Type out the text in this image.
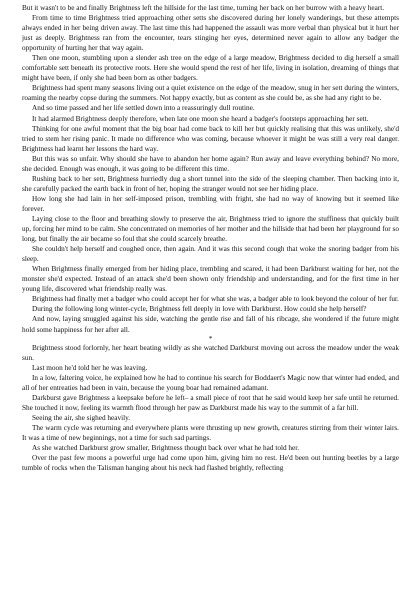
But it wasn't to be and finally Brightness left the hillside for the last time, turning her back on her burrow with a heavy heart.

From time to time Brightness tried approaching other setts she discovered during her lonely wanderings, but these attempts always ended in her being driven away. The last time this had happened the assault was more verbal than physical but it hurt her just as deeply. Brightness ran from the encounter, tears stinging her eyes, determined never again to allow any badger the opportunity of hurting her that way again.

Then one moon, stumbling upon a slender ash tree on the edge of a large meadow, Brightness decided to dig herself a small comfortable sett beneath its protective roots. Here she would spend the rest of her life, living in isolation, dreaming of things that might have been, if only she had been born as other badgers.

Brightness had spent many seasons living out a quiet existence on the edge of the meadow, snug in her sett during the winters, roaming the nearby copse during the summers. Not happy exactly, but as content as she could be, as she had any right to be.

And so time passed and her life settled down into a reassuringly dull routine.

It had alarmed Brightness deeply therefore, when late one moon she heard a badger's footsteps approaching her sett.

Thinking for one awful moment that the big boar had come back to kill her but quickly realising that this was unlikely, she'd tried to stem her rising panic. It made no difference who was coming, because whoever it might be was still a very real danger. Brightness had learnt her lessons the hard way.

But this was so unfair. Why should she have to abandon her home again? Run away and leave everything behind? No more, she decided. Enough was enough, it was going to be different this time.

Rushing back to her sett, Brightness hurriedly dug a short tunnel into the side of the sleeping chamber. Then backing into it, she carefully packed the earth back in front of her, hoping the stranger would not see her hiding place.

How long she had lain in her self-imposed prison, trembling with fright, she had no way of knowing but it seemed like forever.

Laying close to the floor and breathing slowly to preserve the air, Brightness tried to ignore the stuffiness that quickly built up, forcing her mind to be calm. She concentrated on memories of her mother and the hillside that had been her playground for so long, but finally the air became so foul that she could scarcely breathe.

She couldn't help herself and coughed once, then again. And it was this second cough that woke the snoring badger from his sleep.

When Brightness finally emerged from her hiding place, trembling and scared, it had been Darkburst waiting for her, not the monster she'd expected. Instead of an attack she'd been shown only friendship and understanding, and for the first time in her young life, discovered what friendship really was.

Brightness had finally met a badger who could accept her for what she was, a badger able to look beyond the colour of her fur.

During the following long winter-cycle, Brightness fell deeply in love with Darkburst. How could she help herself?

And now, laying snuggled against his side, watching the gentle rise and fall of his ribcage, she wondered if the future might hold some happiness for her after all.

*

Brightness stood forlornly, her heart beating wildly as she watched Darkburst moving out across the meadow under the weak sun.

Last moon he'd told her he was leaving.

In a low, faltering voice, he explained how he had to continue his search for Boddaert's Magic now that winter had ended, and all of her entreaties had been in vain, because the young boar had remained adamant.

Darkburst gave Brightness a keepsake before he left– a small piece of root that he said would keep her safe until he returned. She touched it now, feeling its warmth flood through her paw as Darkburst made his way to the summit of a far hill.

Seeing the air, she sighed heavily.

The warm cycle was returning and everywhere plants were thrusting up new growth, creatures stirring from their winter lairs. It was a time of new beginnings, not a time for such sad partings.

As she watched Darkburst grow smaller, Brightness thought back over what he had told her.

Over the past few moons a powerful urge had come upon him, giving him no rest. He'd been out hunting beetles by a large tumble of rocks when the Talisman hanging about his neck had flashed brightly, reflecting
